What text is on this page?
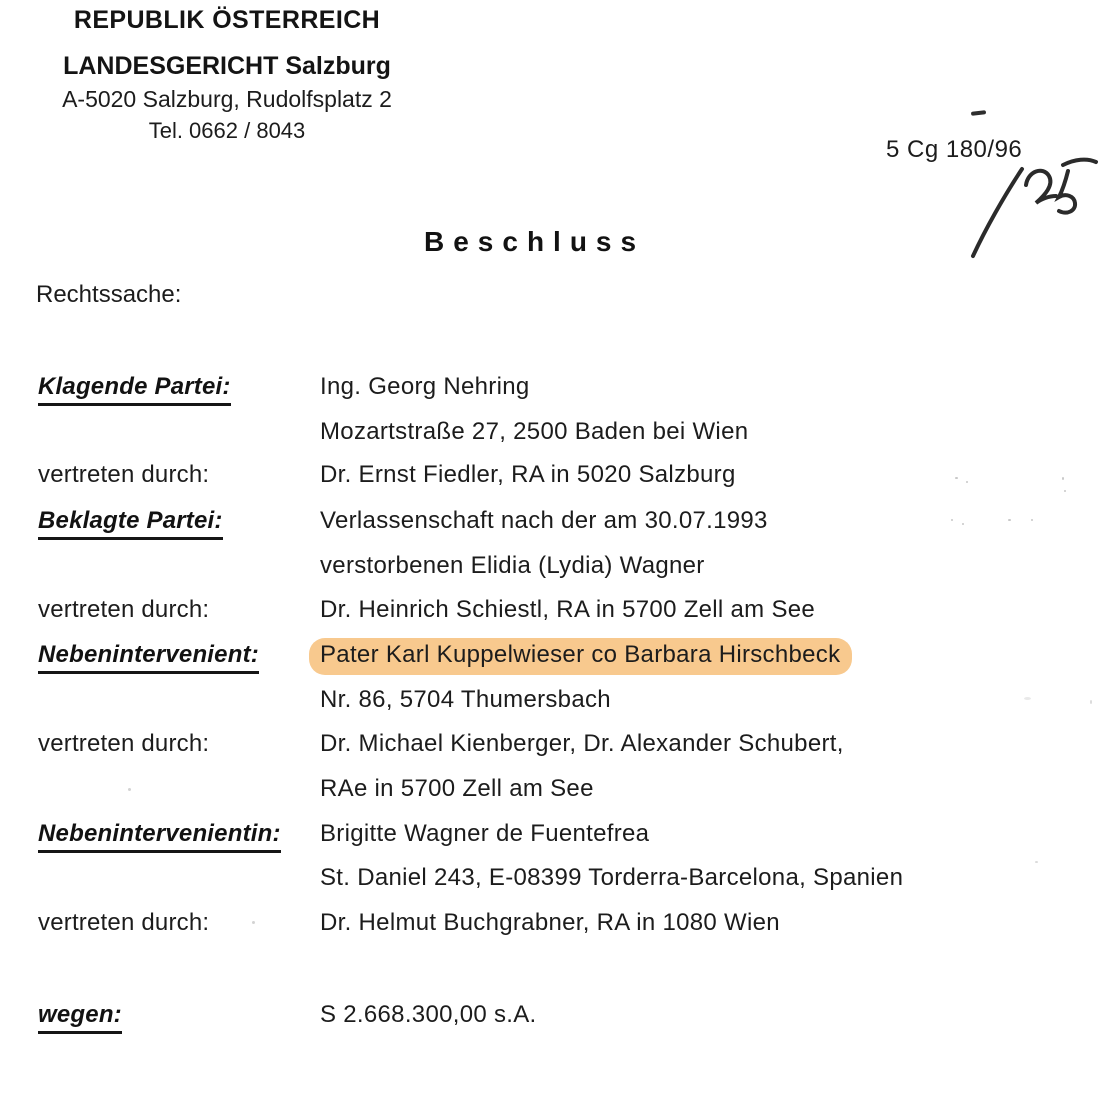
REPUBLIK ÖSTERREICH
LANDESGERICHT Salzburg
A-5020 Salzburg, Rudolfsplatz 2
Tel. 0662 / 8043
5 Cg 180/96
Beschluss
Rechtssache:
Klagende Partei:	Ing. Georg Nehring
Mozartstraße 27, 2500 Baden bei Wien
vertreten durch:	Dr. Ernst Fiedler, RA in 5020 Salzburg
Beklagte Partei:	Verlassenschaft nach der am 30.07.1993
verstorbenen Elidia (Lydia) Wagner
vertreten durch:	Dr. Heinrich Schiestl, RA in 5700 Zell am See
Nebenintervenient:	Pater Karl Kuppelwieser co Barbara Hirschbeck
Nr. 86, 5704 Thumersbach
vertreten durch:	Dr. Michael Kienberger, Dr. Alexander Schubert,
RAe in 5700 Zell am See
Nebenintervenientin: Brigitte Wagner de Fuentefrea
St. Daniel 243, E-08399 Torderra-Barcelona, Spanien
vertreten durch:	Dr. Helmut Buchgrabner, RA in 1080 Wien
wegen:	S 2.668.300,00 s.A.
